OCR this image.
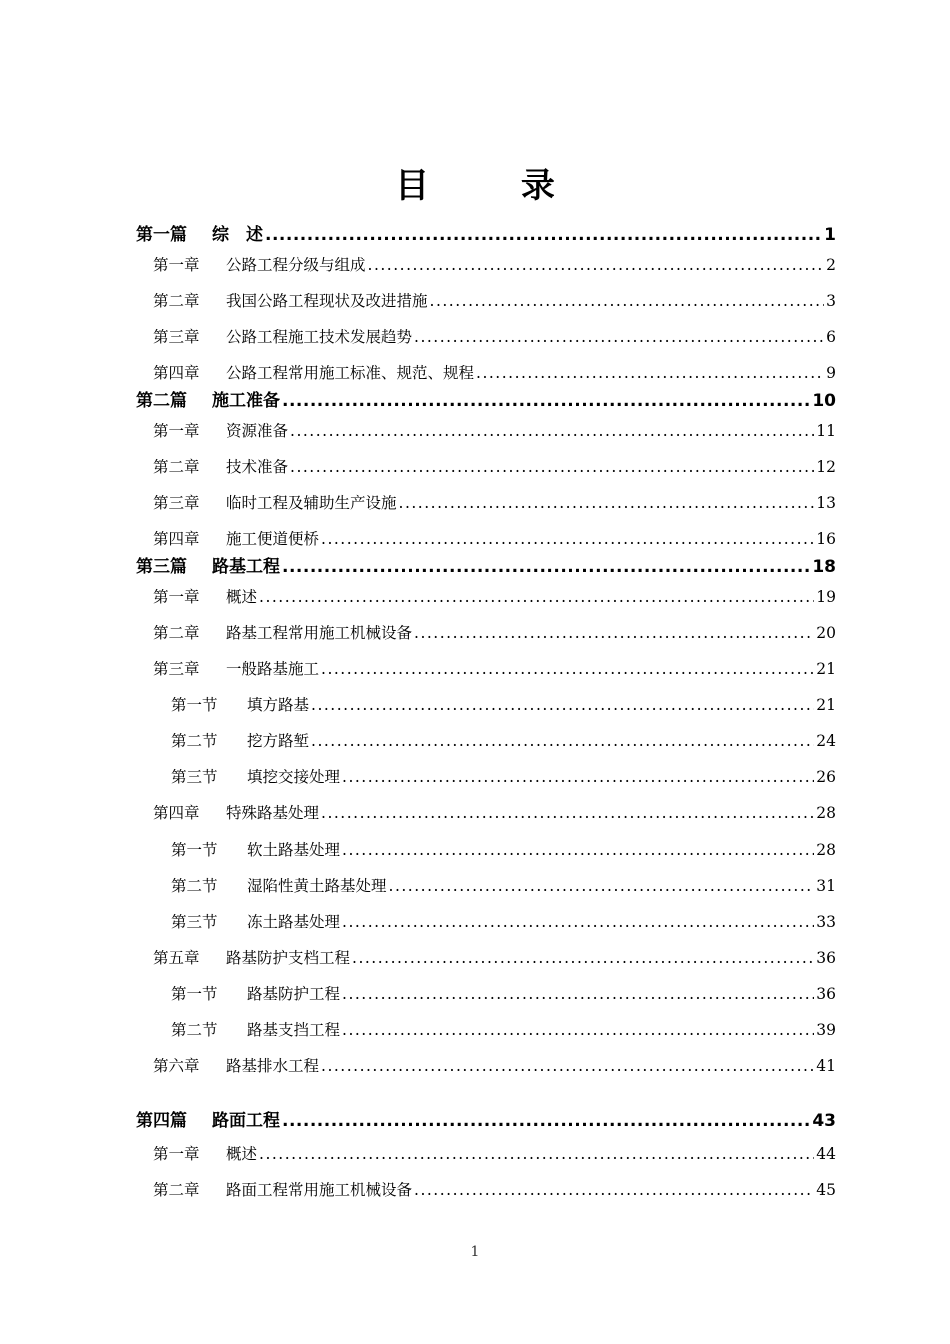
目 录
第一篇 综　述 .....	1
第一章 公路工程分级与组成 .....	2
第二章 我国公路工程现状及改进措施 .....	3
第三章 公路工程施工技术发展趋势 .....	6
第四章 公路工程常用施工标准、规范、规程 .....	9
第二篇 施工准备 .....	10
第一章 资源准备 .....	11
第二章 技术准备 .....	12
第三章 临时工程及辅助生产设施 .....	13
第四章 施工便道便桥 .....	16
第三篇 路基工程 .....	18
第一章 概述 .....	19
第二章 路基工程常用施工机械设备 .....	20
第三章 一般路基施工 .....	21
第一节 填方路基 .....	21
第二节 挖方路堑 .....	24
第三节 填挖交接处理 .....	26
第四章 特殊路基处理 .....	28
第一节 软土路基处理 .....	28
第二节 湿陷性黄土路基处理 .....	31
第三节 冻土路基处理 .....	33
第五章 路基防护支档工程 .....	36
第一节 路基防护工程 .....	36
第二节 路基支挡工程 .....	39
第六章 路基排水工程 .....	41
第四篇 路面工程 .....	43
第一章 概述 .....	44
第二章 路面工程常用施工机械设备 .....	45
1
